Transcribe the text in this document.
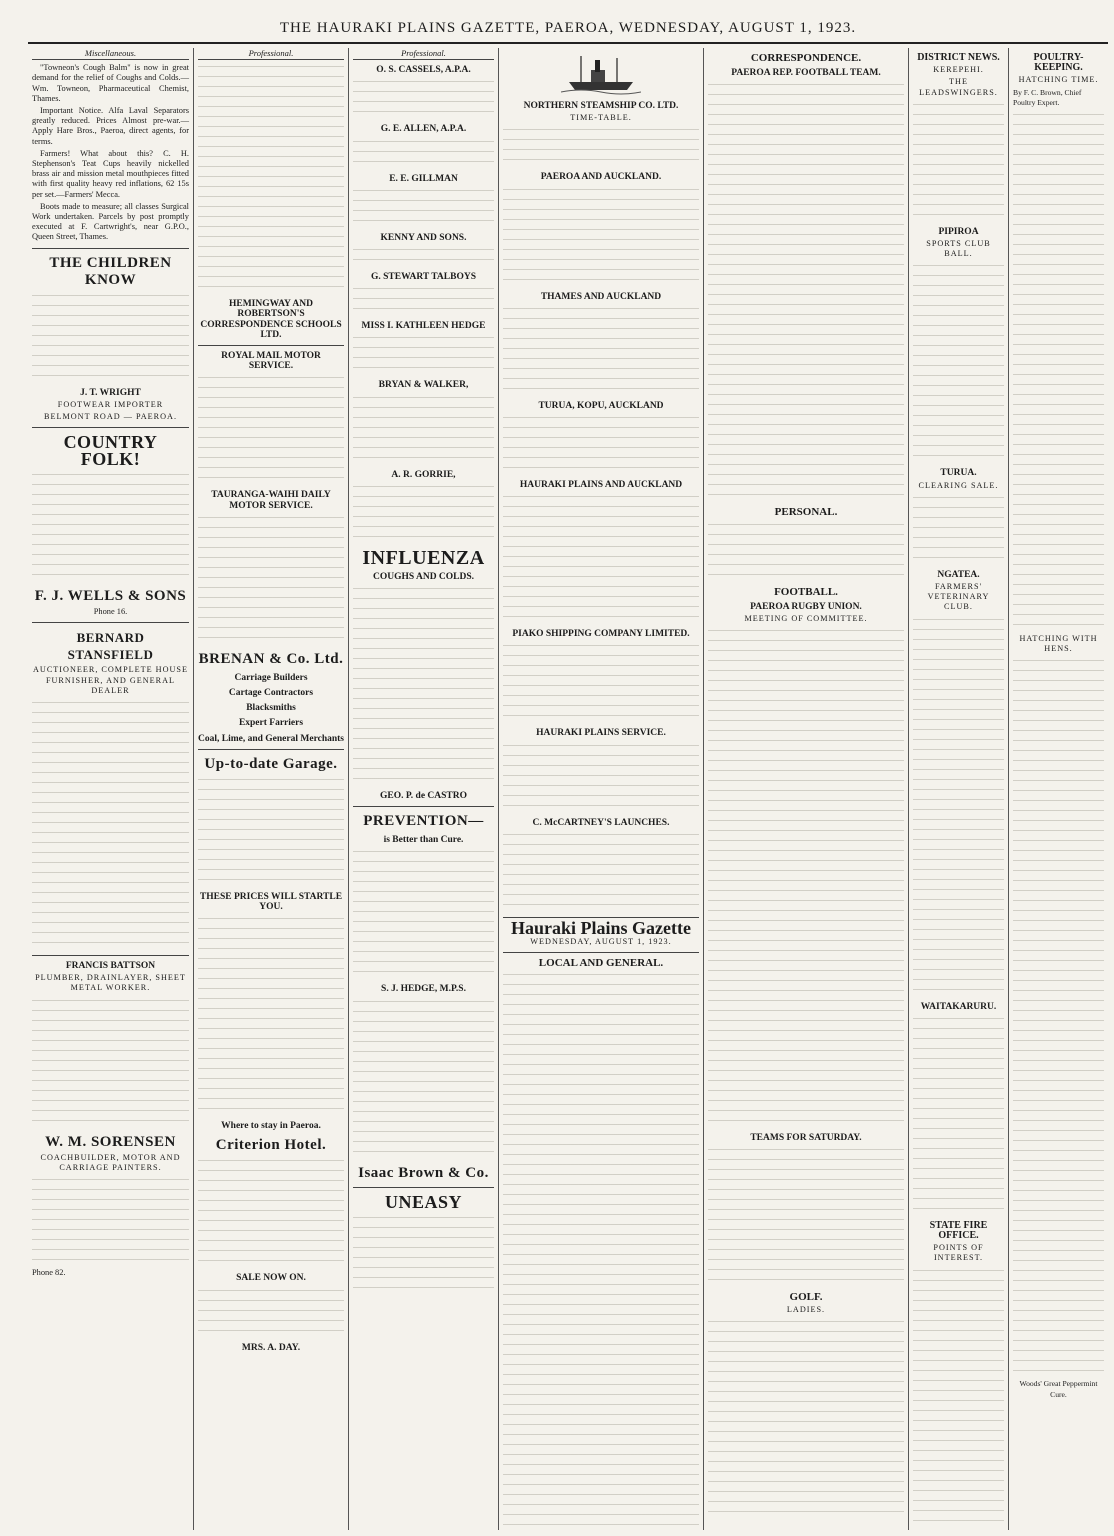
THE HAURAKI PLAINS GAZETTE, PAEROA, WEDNESDAY, AUGUST 1, 1923.
Miscellaneous.

"Towneon's Cough Balm" is now in great demand for the relief of Coughs and Colds.—Wm. Towneon, Pharmaceutical Chemist, Thames.

Important Notice. Alfa Laval Separators greatly reduced. Prices Almost pre-war.—Apply Hare Bros., Paeroa, direct agents, for terms.

Farmers! What about this? C. H. Stephenson's Teat Cups heavily nickelled brass air and mission metal mouthpieces fitted with first quality heavy red inflations, 62 15s per set.—Farmers' Mecca.

Boots made to measure; all classes Surgical Work undertaken. Parcels by post promptly executed at F. Cartwright's, near G.P.O., Queen Street, Thames.

THE CHILDREN KNOW
J. T. WRIGHT
FOOTWEAR IMPORTER
BELMONT ROAD — PAEROA.
COUNTRY FOLK!
F. J. WELLS & SONS
Phone 16.
BERNARD STANSFIELD
AUCTIONEER, COMPLETE HOUSE FURNISHER, AND GENERAL DEALER
FRANCIS BATTSON
PLUMBER, DRAINLAYER, SHEET METAL WORKER.
W. M. SORENSEN
COACHBUILDER, MOTOR AND CARRIAGE PAINTERS.
Phone 82.
Professional.
HEMINGWAY AND ROBERTSON'S CORRESPONDENCE SCHOOLS LTD.
ROYAL MAIL MOTOR SERVICE.
TAURANGA-WAIHI DAILY MOTOR SERVICE.
BRENAN & Co. Ltd.
Carriage Builders
Cartage Contractors
Blacksmiths
Expert Farriers
Coal, Lime, and General Merchants
Up-to-date Garage.
THESE PRICES WILL STARTLE YOU.
Where to stay in Paeroa.
Criterion Hotel.
SALE NOW ON.
MRS. A. DAY.
Professional.
O. S. CASSELS, A.P.A.
G. E. ALLEN, A.P.A.
E. E. GILLMAN
KENNY AND SONS.
G. STEWART TALBOYS
MISS I. KATHLEEN HEDGE
BRYAN & WALKER,
A. R. GORRIE,
INFLUENZA
COUGHS AND COLDS.
GEO. P. de CASTRO
PREVENTION—
is Better than Cure.
S. J. HEDGE, M.P.S.
Isaac Brown & Co.
UNEASY
NORTHERN STEAMSHIP CO. LTD.
TIME-TABLE.
PAEROA AND AUCKLAND.
THAMES AND AUCKLAND
TURUA, KOPU, AUCKLAND
HAURAKI PLAINS AND AUCKLAND
PIAKO SHIPPING COMPANY LIMITED.
HAURAKI PLAINS SERVICE.
C. McCARTNEY'S LAUNCHES.
Hauraki Plains Gazette
WEDNESDAY, AUGUST 1, 1923.
LOCAL AND GENERAL.
CORRESPONDENCE.
PAEROA REP. FOOTBALL TEAM.
PERSONAL.
FOOTBALL.
PAEROA RUGBY UNION.
MEETING OF COMMITTEE.
TEAMS FOR SATURDAY.
GOLF.
LADIES.
DISTRICT NEWS.
KEREPEHI.
THE LEADSWINGERS.
PIPIROA
SPORTS CLUB BALL.
TURUA.
CLEARING SALE.
NGATEA.
FARMERS' VETERINARY CLUB.
WAITAKARURU.
STATE FIRE OFFICE.
POINTS OF INTEREST.
POULTRY-KEEPING.
HATCHING TIME.
By F. C. Brown, Chief Poultry Expert.
HATCHING WITH HENS.
Woods' Great Peppermint Cure.
